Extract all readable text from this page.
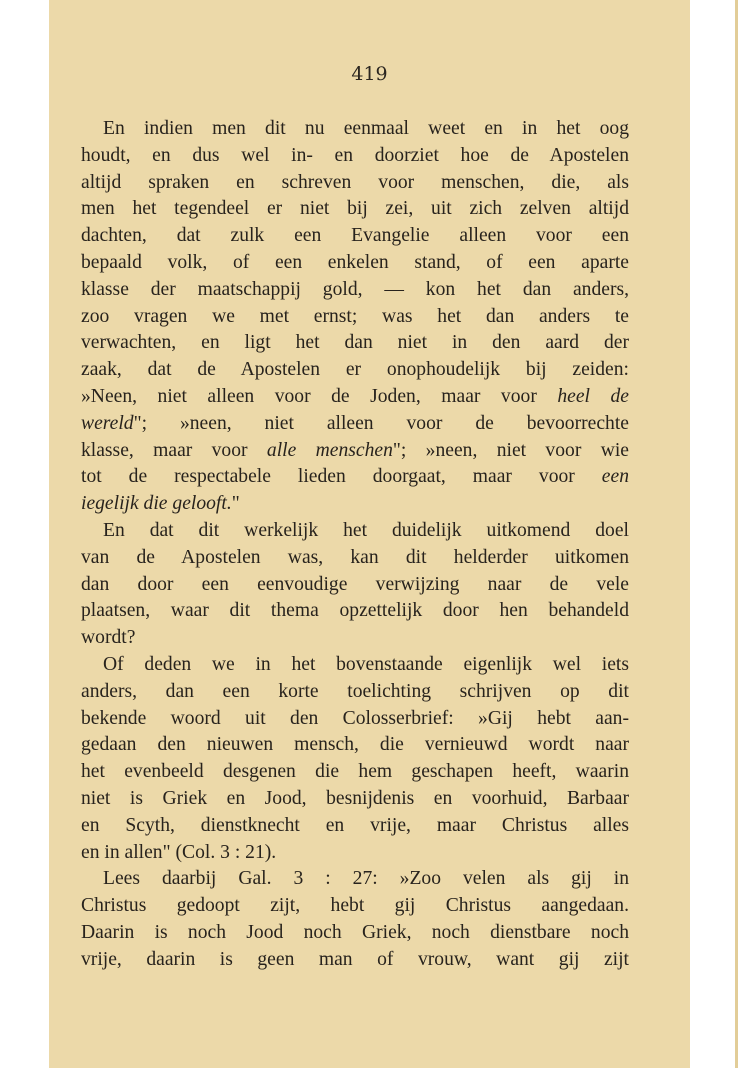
419
En indien men dit nu eenmaal weet en in het oog
houdt, en dus wel in- en doorziet hoe de Apostelen
altijd spraken en schreven voor menschen, die, als
men het tegendeel er niet bij zei, uit zich zelven altijd
dachten, dat zulk een Evangelie alleen voor een
bepaald volk, of een enkelen stand, of een aparte
klasse der maatschappij gold, — kon het dan anders,
zoo vragen we met ernst; was het dan anders te
verwachten, en ligt het dan niet in den aard der
zaak, dat de Apostelen er onophoudelijk bij zeiden:
»Neen, niet alleen voor de Joden, maar voor heel de
wereld"; »neen, niet alleen voor de bevoorrechte
klasse, maar voor alle menschen"; »neen, niet voor wie
tot de respectabele lieden doorgaat, maar voor een
iegelijk die gelooft."
En dat dit werkelijk het duidelijk uitkomend doel
van de Apostelen was, kan dit helderder uitkomen
dan door een eenvoudige verwijzing naar de vele
plaatsen, waar dit thema opzettelijk door hen behandeld
wordt?
Of deden we in het bovenstaande eigenlijk wel iets
anders, dan een korte toelichting schrijven op dit
bekende woord uit den Colosserbrief: »Gij hebt aan-
gedaan den nieuwen mensch, die vernieuwd wordt naar
het evenbeeld desgenen die hem geschapen heeft, waarin
niet is Griek en Jood, besnijdenis en voorhuid, Barbaar
en Scyth, dienstknecht en vrije, maar Christus alles
en in allen" (Col. 3 : 21).
Lees daarbij Gal. 3 : 27: »Zoo velen als gij in
Christus gedoopt zijt, hebt gij Christus aangedaan.
Daarin is noch Jood noch Griek, noch dienstbare noch
vrije, daarin is geen man of vrouw, want gij zijt
